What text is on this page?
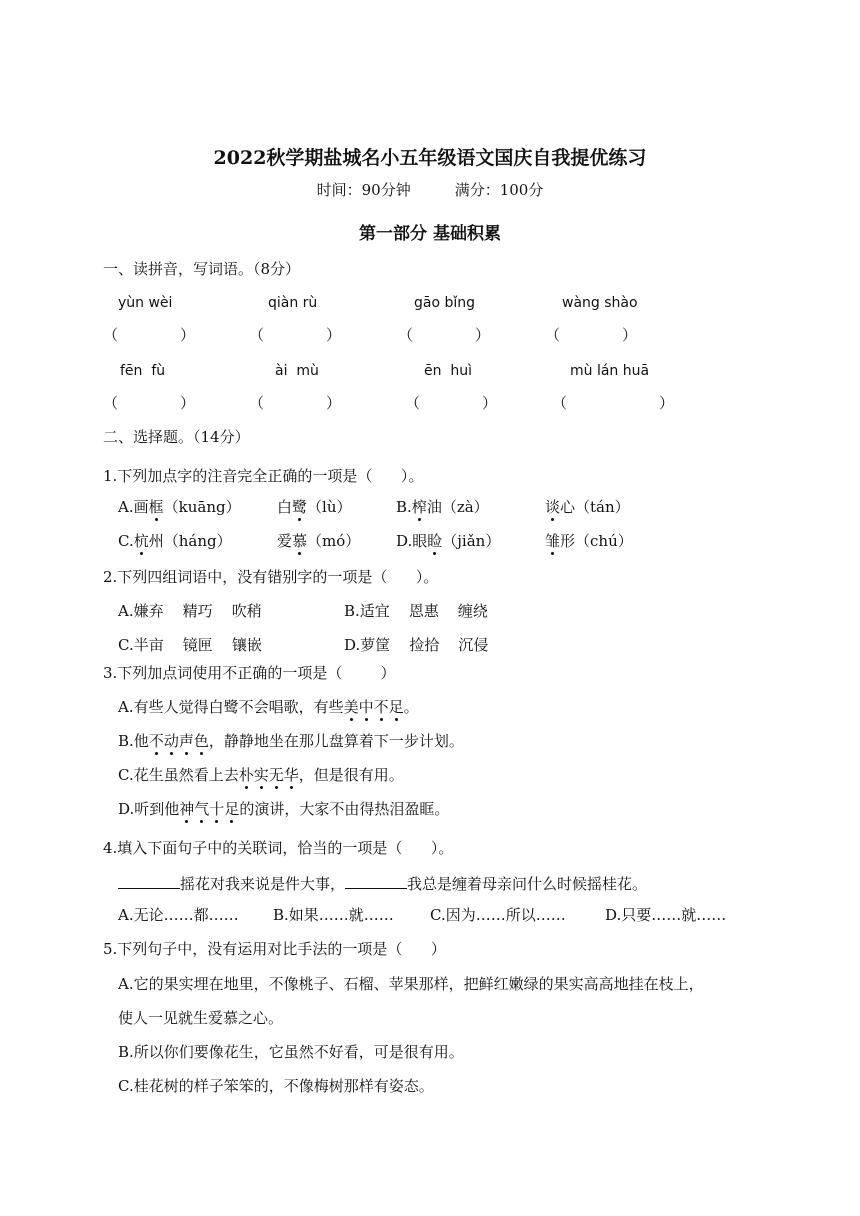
2022秋学期盐城名小五年级语文国庆自我提优练习
时间：90分钟	满分：100分
第一部分 基础积累
一、读拼音，写词语。（8分）
yùn wèi	qiàn rù	gāo bǐng	wàng shào
（	）	（	）	（	）	（	）
fēn  fù	ài  mù	ēn  huì	mù lán huā
（	）	（	）	（	）	（	）
二、选择题。（14分）
1.下列加点字的注音完全正确的一项是（      ）。
A.画框（kuāng） 白鹭（lù）	B.榨油（zà）	谈心（tán）
C.杭州（háng）	爱慕（mó） D.眼睑（jiǎn）	雏形（chú）
2.下列四组词语中，没有错别字的一项是（      ）。
A.嫌弃    精巧    吹稍	B.适宜    恩惠    缠绕
C.半亩    镜匣    镶嵌	D.萝筐    捡拾    沉侵
3.下列加点词使用不正确的一项是（        ）
A.有些人觉得白鹭不会唱歌，有些美中不足。
B.他不动声色，静静地坐在那儿盘算着下一步计划。
C.花生虽然看上去朴实无华，但是很有用。
D.听到他神气十足的演讲，大家不由得热泪盈眶。
4.填入下面句子中的关联词，恰当的一项是（      ）。
摇花对我来说是件大事，	我总是缠着母亲问什么时候摇桂花。
A.无论……都…… B.如果……就…… C.因为……所以……	D.只要……就……
5.下列句子中，没有运用对比手法的一项是（      ）
A.它的果实埋在地里，不像桃子、石榴、苹果那样，把鲜红嫩绿的果实高高地挂在枝上，
使人一见就生爱慕之心。
B.所以你们要像花生，它虽然不好看，可是很有用。
C.桂花树的样子笨笨的，不像梅树那样有姿态。
